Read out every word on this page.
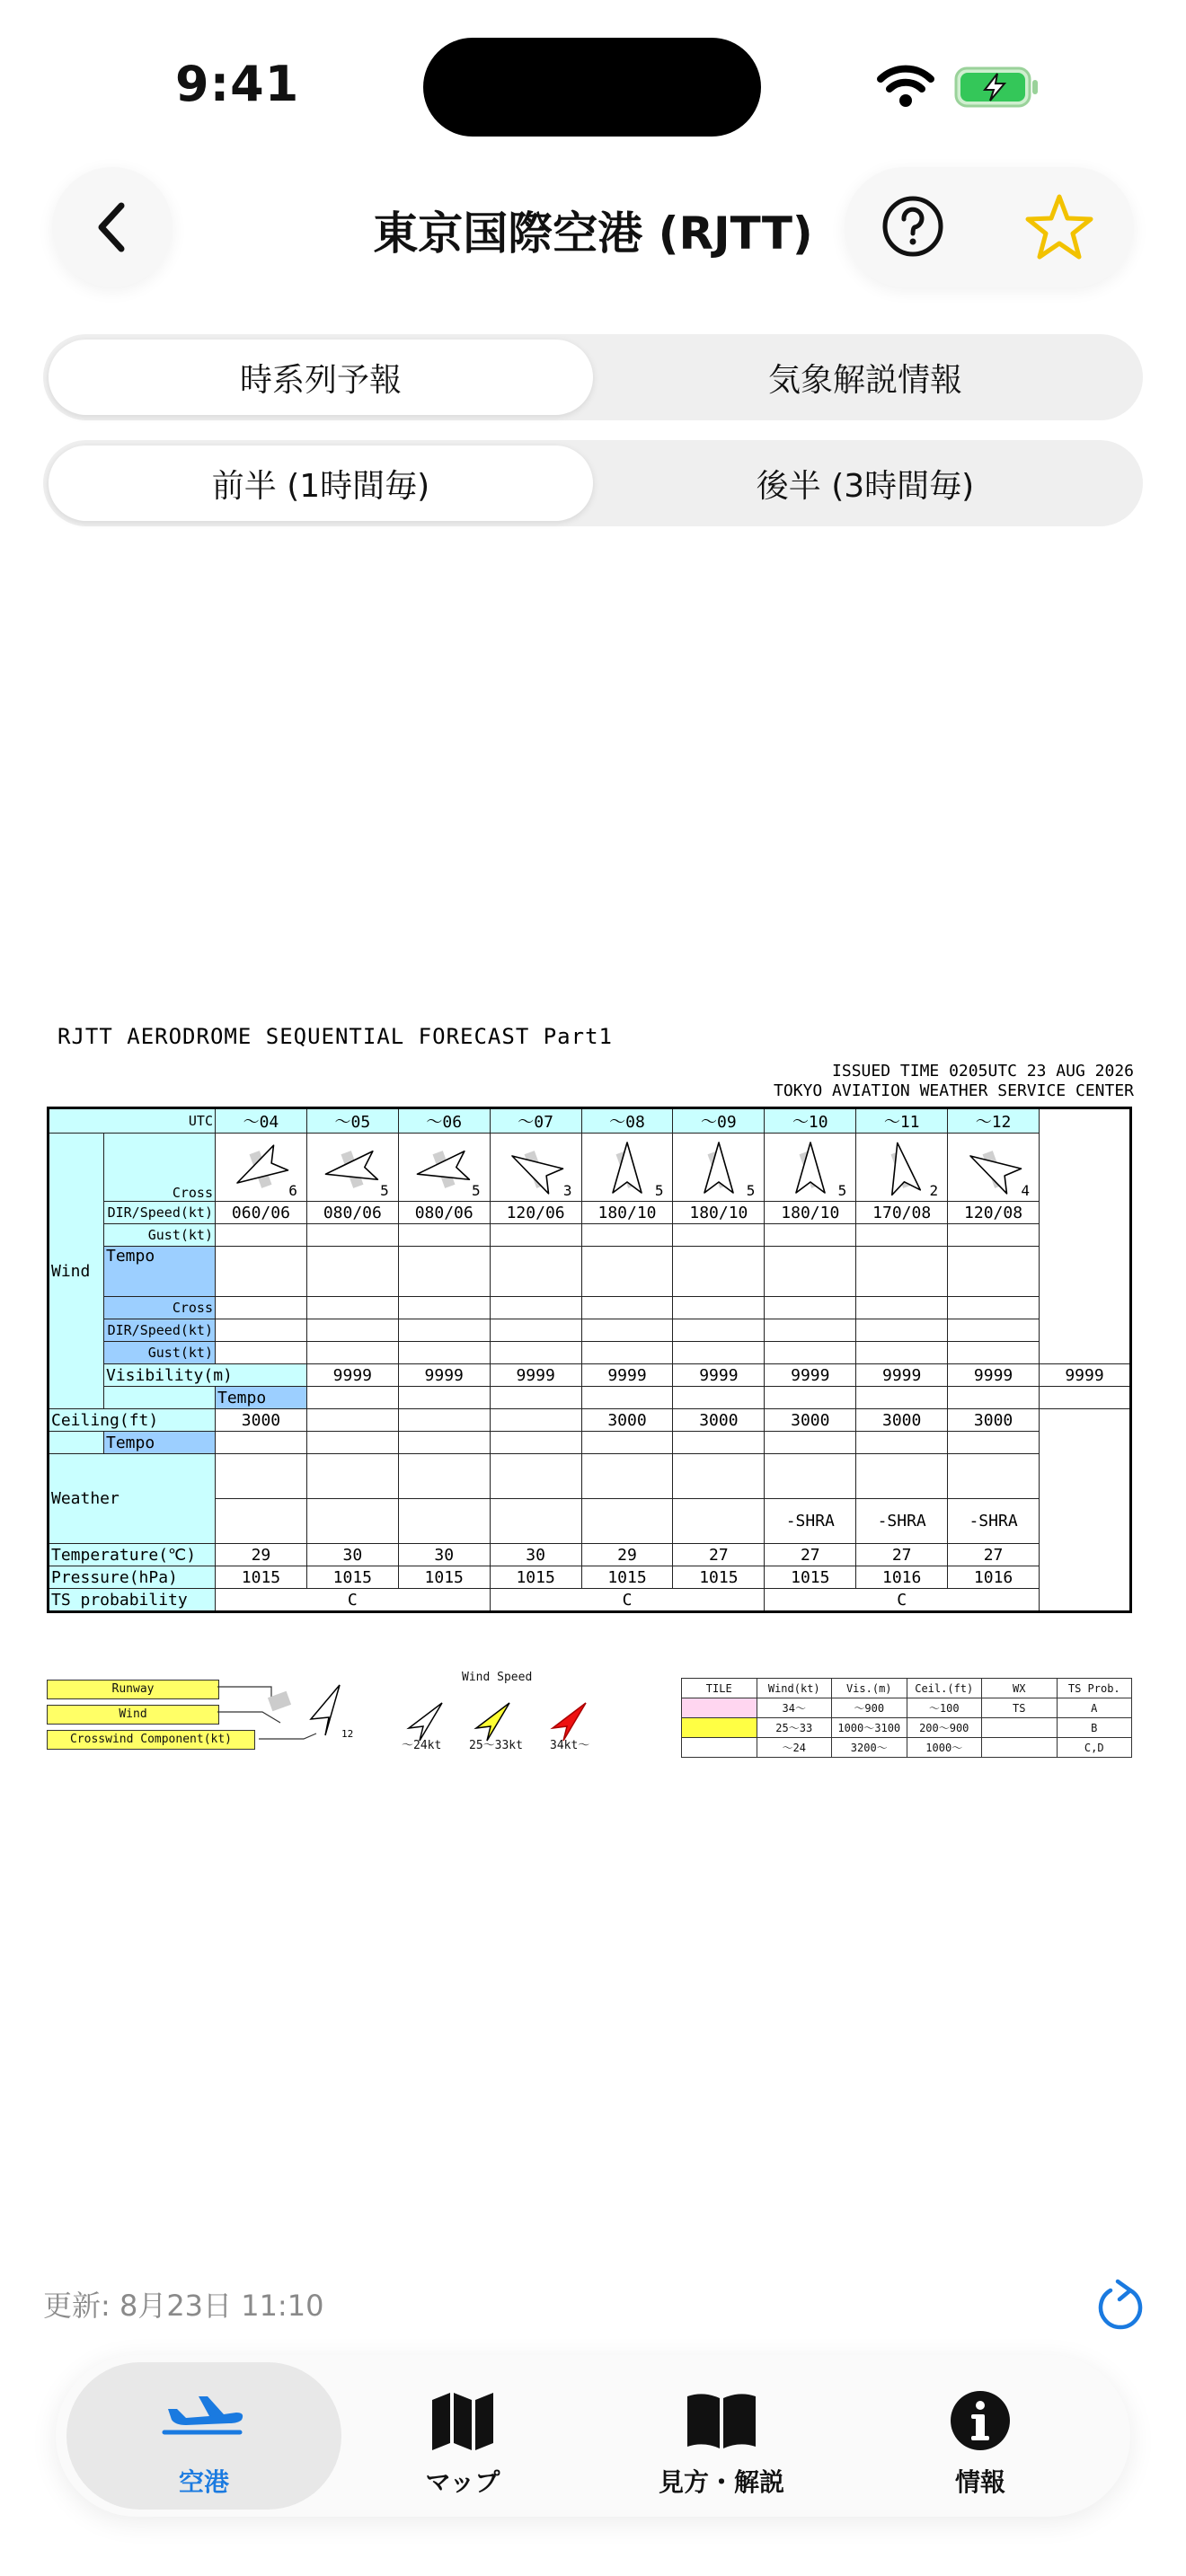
9:41
東京国際空港 (RJTT)
時系列予報	気象解説情報
前半 (1時間毎)	後半 (3時間毎)
RJTT AERODROME SEQUENTIAL FORECAST Part1
ISSUED TIME 0205UTC 23 AUG 2026
TOKYO AVIATION WEATHER SERVICE CENTER
UTC		〜04	〜05	〜06	〜07	〜08	〜09	〜10	〜11	〜12	
Wind	Cross	6	5	5	3	5	5	5	2	4	

	DIR/Speed(kt)	060/06	080/06	080/06	120/06	180/10	180/10	180/10	170/08	120/08	
	Gust(kt)										
	Tempo										
	Cross										
	DIR/Speed(kt)										
	Gust(kt)										
	Visibility(m)		9999	9999	9999	9999	9999	9999	9999	9999	9999
		Tempo									
Ceiling(ft)		3000				3000	3000	3000	3000	3000	
	Tempo										
Weather											
								-SHRA	-SHRA	-SHRA	
Temperature(℃)		29	30	30	30	29	27	27	27	27	
Pressure(hPa)		1015	1015	1015	1015	1015	1015	1015	1016	1016	
TS probability		C			C			C			
Runway
Wind
Crosswind Component(kt)	12
Wind Speed
〜24kt 25〜33kt 34kt〜
TILE	Wind(kt)	Vis.(m)	Ceil.(ft)	WX	TS Prob.
	34〜	〜900	〜100	TS	A
	25〜33	1000〜3100	200〜900		B
	〜24	3200〜	1000〜		C,D
更新: 8月23日 11:10
空港	マップ	見方・解説	情報
